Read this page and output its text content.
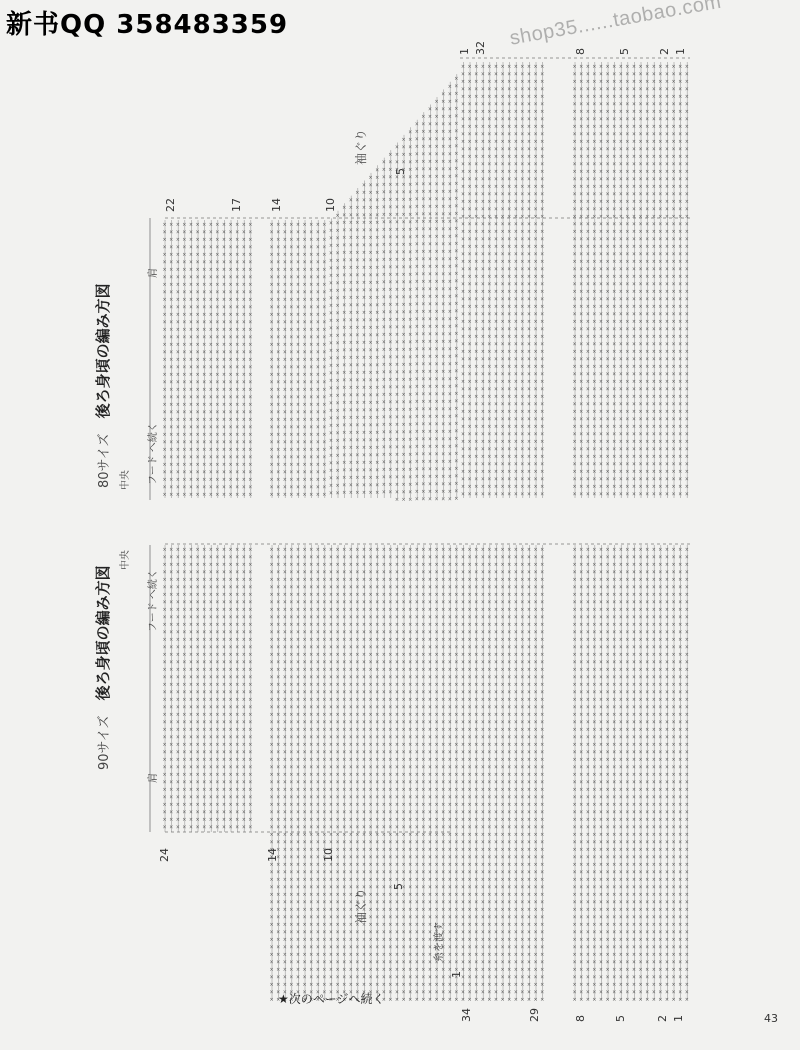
新书QQ 358483359	shop35......taobao.com
×
×
×
×
×
×
×
×
×
×
×
×
×
×
×
×
×
×
×
×
×
×
×
×
×
×
×
×
×
×
×
×
×
×
×
×
×
×
×
×
×
×
×
×
×
×
×
×
×
×
×
×
×
×
×
×
×
×
×
×
×
×
×
×
×
×
×
×
×
×
×
×
×
×
×
×
×
×
×
×
×
×
×
×
×
×
×
×
×
×
×
×
×
×
×
×
×
×
×
×
×
×
×
×
×
×
×
×
×
×
×
×
×
×
×
×
×
×
×
×
×
×
×
×
×
×
×
×
×
×
×
×
×
×
×
×
×
×
×
×
×
×
×
×
×
×
×
×
×
×
×
×
×
×
×
×
×
×
×
×
×
×
×
×
×
×
×
×
×
×
×
×
×
×
×
×
×
×
×
×
×
×
×
×
×
×
×
×
×
×
×
×
×
×
×
×
×
×
×
×
×
×
×
×
×
×
×
×
×
×
×
×
×
×
×
×
×
×
×
×
×
×
×
×
×
×
×
×
×
×
×
×
×
×
×
×
×
×
×
×
×
×
×
×
×
×
×
×
×
×
×
×
×
×
×
×
×
×
×
×
×
×
×
×
×
×
×
×
×
×
×
×
×
×
×
×
×
×
×
×
×
×
×
×
×
×
×
×
×
×
×
×
×
×
×
×
×
×
×
×
×
×
×
×
×
×
×
×
×
×
×
×
×
×
×
×
×
×
×
×
×
×
×
×
×
×
×
×
×
×
×
×
×
×
×
×
×
×
×
×
×
×
×
×
×
×
×
×
×
×
×
×
×
×
×
×
×
×
×
×
×
×
×
×
×
×
×
×
×
×
×
×
×
×
×
×
×
×
×
×
×
×
×
×
×
×
×
×
×
×
×
×
×
×
×
×
×
×
×
×
×
×
×
×
×
×
×
×
×
×
×
×
×
×
×
×
×
×
×
×
×
×
×
×
×
×
×
×
×
×
×
×
×
×
×
×
×
×
×
×
×
×
×
×
×
×
×
×
×
×
×
×
×
×
×
×
×
×
×
×
×
×
×
×
×
×
×
×
×
×
×
×
×
×
×
×
×
×
×
×
×
×
×
×
×
×
×
×
×
×
×
×
×
×
×
×
×
×
×
×
×
×
×
×
×
×
×
×
×
×
×
×
×
×
×
×
×
×
×
×
×
×
×
×
×
×
×
×
×
×
×
×
×
×
×
×
×
×
×
×
×
×
×
×
×
×
×
×
×
×
×
×
×
×
×
×
×
×
×
×
×
×
×
×
×
×
×
×
×
×
×
×
×
×
×
×
×
×
×
×
×
×
×
×
×
×
×
×
×
×
×
×
×
×
×
×
×
×
×
×
×
×
×
×
×
×
×
×
×
×
×
×
×
×
×
×
×
×
×
×
×
×
×
×
×
×
×
×
×
×
×
×
×
×
×
×
×
×
×
×
×
×
×
×
×
×
×
×
×
×
×
×
×
×
×
×
×
×
×
×
×
×
×
×
×
×
×
×
×
×
×
×
×
×
×
×
×
×
×
×
×
×
×
×
×
×
×
×
×
×
×
×
×
×
×
×
×
×
×
×
×
×
×
×
×
×
×
×
×
×
×
×
×
×
×
×
×
×
×
×
×
×
×
×
×
×
×
×
×
×
×
×
×
×
×
×
×
×
×
×
×
×
×
×
×
×
×
×
×
×
×
×
×
×
×
×
×
×
×
×
×
×
×
×
×
×
×
×
×
×
×
×
×
×
×
×
×
×
×
×
×
×
×
×
×
×
×
×
×
×
×
×
×
×
×
×
×
×
×
×
×
×
×
×
×
×
×
×
×
×
×
×
×
×
×
×
×
×
×
×
×
×
×
×
×
×
×
×
×
×
×
×
×
×
×
×
×
×
×
×
×
×
×
×
×
×
×
×
×
×
×
×
×
×
×
×
×
×
×
×
×
×
×
×
×
×
×
×
×
×
×
×
×
×
×
×
×
×
×
×
×
×
×
×
×
×
×
×
×
×
×
×
×
×
×
×
×
×
×
×
×
×
×
×
×
×
×
×
×
×
×
×
×
×
×
×
×
×
×
×
×
×
×
×
×
×
×
×
×
×
×
×
×
×
×
×
×
×
×
×
×
×
×
×
×
×
×
×
×
×
×
×
×
×
×
×
×
×
×
×
×
×
×
×
×
×
×
×
×
×
×
×
×
×
×
×
×
×
×
×
×
×
×
×
×
×
×
×
×
×
×
×
×
×
×
×
×
×
×
×
×
×
×
×
×
×
×
×
×
×
×
×
×
×
×
×
×
×
×
×
×
×
×
×
×
×
×
×
×
×
×
×
×
×
×
×
×
×
×
×
×
×
×
×
×
×
×
×
×
×
×
×
×
×
×
×
×
×
×
×
×
×
×
×
×
×
×
×
×
×
×
×
×
×
×
×
×
×
×
×
×
×
×
×
×
×
×
×
×
×
×
×
×
×
×
×
×
×
×
×
×
×
×
×
×
×
×
×
×
×
×
×
×
×
×
×
×
×
×
×
×
×
×
×
×
×
×
×
×
×
×
×
×
×
×
×
×
×
×
×
×
×
×
×
×
×
×
×
×
×
×
×
×
×
×
×
×
×
×
×
×
×
×
×
×
×
×
×
×
×
×
×
×
×
×
×
×
×
×
×
×
×
×
×
×
×
×
×
×
×
×
×
×
×
×
×
×
×
×
×
×
×
×
×
×
×
×
×
×
×
×
×
×
×
×
×
×
×
×
×
×
×
×
×
×
×
×
×
×
×
×
×
×
×
×
×
×
×
×
×
×
×
×
×
×
×
×
×
×
×
×
×
×
×
×
×
×
×
×
×
×
×
×
×
×
×
×
×
×
×
×
×
×
×
×
×
×
×
×
×
×
×
×
×
×
×
×
×
×
×
×
×
×
×
×
×
×
×
×
×
×
×
×
×
×
×
×
×
×
×
×
×
×
×
×
×
×
×
×
×
×
×
×
×
×
×
×
×
×
×
×
×
×
×
×
×
×
×
×
×
×
×
×
×
×
×
×
×
×
×
×
×
×
×
×
×
×
×
×
×
×
×
×
×
×
×
×
×
×
×
×
×
×
×
×
×
×
×
×
×
×
×
×
×
×
×
×
×
×
×
×
×
×
×
×
×
×
×
×
×
×
×
×
×
×
×
×
×
×
×
×
×
×
×
×
×
×
×
×
×
×
×
×
×
×
×
×
×
×
×
×
×
×
×
×
×
×
×
×
×
×
×
×
×
×
×
×
×
×
×
×
×
×
×
×
×
×
×
×
×
×
×
×
×
×
×
×
×
×
×
×
×
×
×
×
×
×
×
×
×
×
×
×
×
×
×
×
×
×
×
×
×
×
×
×
×
×
×
×
×
×
×
×
×
×
×
×
×
×
×
×
×
×
×
×
×
×
×
×
×
×
×
×
×
×
×
×
×
×
×
×
×
×
×
×
×
×
×
×
×
×
×
×
×
×
×
×
×
×
×
×
×
×
×
×
×
×
×
×
×
×
×
×
×
×
×
×
×
×
×
×
×
×
×
×
×
×
×
×
×
×
×
×
×
×
×
×
×
×
×
×
×
×
×
×
×
×
×
×
×
×
×
×
×
×
×
×
×
×
×
×
×
×
×
×
×
×
×
×
×
×
×
×
×
×
×
×
×
×
×
×
×
×
×
×
×
×
×
×
×
×
×
×
×
×
×
×
×
×
×
×
×
×
×
×
×
×
×
×
×
×
×
×
×
×
×
×
×
×
×
×
×
×
×
×
×
×
×
×
×
×
×
×
×
×
×
×
×
×
×
×
×
×
×
×
×
×
×
×
×
×
×
×
×
×
×
×
×
×
×
×
×
×
×
×
×
×
×
×
×
×
×
×
×
×
×
×
×
×
×
×
×
×
×
×
×
×
×
×
×
×
×
×
×
×
×
×
×
×
×
×
×
×
×
×
×
×
×
×
×
×
×
×
×
×
×
×
×
×
×
×
×
×
×
×
×
×
×
×
×
×
×
×
×
×
×
×
×
×
×
×
×
×
×
×
×
×
×
×
×
×
×
×
×
×
×
×
×
×
×
×
×
×
×
×
×
×
×
×
×
×
×
×
×
×
×
×
×
×
×
×
×
×
×
×
×
×
×
×
×
×
×
×
×
×
×
×
×
×
×
×
×
×
×
×
×
×
×
×
×
×
×
×
×
×
×
×
×
×
×
×
×
×
×
×
×
×
×
×
×
×
×
×
×
×
×
×
×
×
×
×
×
×
×
×
×
×
×
×
×
×
×
×
×
×
×
×
×
×
×
×
×
×
×
×
×
×
×
×
×
×
×
×
×
×
×
×
×
×
×
×
×
×
×
×
×
×
×
×
×
×
×
×
×
×
×
×
×
×
×
×
×
×
×
×
×
×
×
×
×
×
×
×
×
×
×
×
×
×
×
×
×
×
×
×
×
×
×
×
×
×
×
×
×
×
×
×
×
×
×
×
×
×
×
×
×
×
×
×
×
×
×
×
×
×
×
×
×
×
×
×
×
×
×
×
×
×
×
×
×
×
×
×
×
×
×
×
×
×
×
×
×
×
×
×
×
×
×
×
×
×
×
×
×
×
×
×
×
×
×
×
×
×
×
×
×
×
×
×
×
×
×
×
×
×
×
×
×
×
×
×
×
×
×
×
×
×
×
×
×
×
×
×
×
×
×
×
×
×
×
×
×
×
×
×
×
×
×
×
×
×
×
×
×
×
×
×
×
×
×
×
×
×
×
×
×
×
×
×
×
×
×
×
×
×
×
×
×
×
×
×
×
×
×
×
×
×
×
×
×
×
×
×
×
×
×
×
×
×
×
×
×
×
×
×
×
×
×
×
×
×
×
×
×
×
×
×
×
×
×
×
×
×
×
×
×
×
×
×
×
×
×
×
×
×
×
×
×
×
×
×
×
×
×
×
×
×
×
×
×
×
×
×
×
×
×
×
×
×
×
×
×
×
×
×
×
×
×
×
×
×
×
×
×
×
×
×
×
×
×
×
×
×
×
×
×
×
×
×
×
×
×
×
×
×
×
×
×
×
×
×
×
×
×
×
×
×
×
×
×
×
×
×
×
×
×
×
×
×
×
×
×
×
×
×
×
×
×
×
×
×
×
×
×
×
×
×
×
×
×
×
×
×
×
×
×
×
×
×
×
×
×
×
×
×
×
×
×
×
×
×
×
×
×
×
×
×
×
×
×
×
×
×
×
×
×
×
×
×
×
×
×
×
×
×
×
×
×
×
×
×
×
×
×
×
×
×
×
×
×
×
×
×
×
×
×
×
×
×
×
×
×
×
×
×
×
×
×
×
×
×
×
×
×
×
×
×
×
×
×
×
×
×
×
×
×
×
×
×
×
×
×
×
×
×
×
×
×
×
×
×
×
×
×
×
×
×
×
×
×
×
×
×
×
×
×
×
×
×
×
×
×
×
×
×
×
×
×
×
×
×
×
×
×
×
×
×
×
×
×
×
×
×
×
×
×
×
×
×
×
×
×
×
×
×
×
×
×
×
×
×
×
×
×
×
×
×
×
×
×
×
×
×
×
×
×
×
×
×
×
×
×
×
×
×
×
×
×
×
×
×
×
×
×
×
×
×
×
×
×
×
×
×
×
×
×
×
×
×
×
×
×
×
×
×
×
×
×
×
×
×
×
×
×
×
×
×
×
×
×
×
×
×
×
×
×
×
×
×
×
×
×
×
×
×
×
×
×
×
×
×
×
×
×
×
×
×
×
×
×
×
×
×
×
×
×
×
×
×
×
×
×
×
×
×
×
×
×
×
×
×
×
×
×
×
×
×
×
×
×
×
×
×
×
×
×
×
×
×
×
×
×
×
×
×
×
×
×
×
×
×
×
×
×
×
×
×
×
×
×
×
×
×
×
×
×
×
×
×
×
×
×
×
×
×
×
×
×
×
×
×
×
×
×
×
×
×
×
×
×
×
×
×
×
×
×
×
×
×
×
×
×
×
×
×
×
×
×
×
×
×
×
×
×
×
×
×
×
×
×
×
×
×
×
×
×
×
×
×
×
×
×
×
×
×
×
×
×
×
×
×
×
×
×
×
×
×
×
×
×
×
×
×
×
×
×
×
×
×
×
×
×
×
×
×
×
×
×
×
×
×
×
×
×
×
×
×
×
×
×
×
×
×
×
×
×
×
×
×
×
×
×
×
×
×
×
×
×
×
×
×
×
×
×
×
×
×
×
×
×
×
×
×
×
×
×
×
×
×
×
×
×
×
×
×
×
×
×
×
×
×
×
×
×
×
×
×
×
×
×
×
×
×
×
×
×
×
×
×
×
×
×
×
×
×
×
×
×
×
×
×
×
×
×
×
×
×
×
×
×
×
×
×
×
×
×
×
×
×
×
×
×
×
×
×
×
×
×
×
×
×
×
×
×
×
×
×
×
×
×
×
×
×
×
×
×
×
×
×
×
×
×
×
×
×
×
×
×
×
×
×
×
×
×
×
×
×
×
×
×
×
×
×
×
×
×
×
×
×
×
×
×
×
×
×
×
×
×
×
×
×
×
×
×
×
×
×
×
×
×
×
×
×
×
×
×
×
×
×
×
×
×
×
×
×
×
×
×
×
×
×
×
×
×
×
×
×
×
×
×
×
×
×
×
×
×
×
×
×
×
×
×
×
×
×
×
×
×
×
×
×
×
×
×
×
×
×
×
×
×
×
×
×
×
×
×
×
×
×
×
×
×
×
×
×
×
×
×
×
×
×
×
×
×
×
×
×
×
×
×
×
×
×
×
×
×
×
×
×
×
×
×
×
×
×
×
×
×
×
×
×
×
×
×
×
×
×
×
×
×
×
×
×
×
×
×
×
×
×
×
×
×
×
×
×
×
×
×
×
×
×
×
×
×
×
×
×
×
×
×
×
×
×
×
×
×
×
×
×
×
×
×
×
×
×
×
×
×
×
×
×
×
×
×
×
×
×
×
×
×
×
×
×
×
×
×
×
×
×
×
×
×
×
×
×
×
×
×
×
×
×
×
×
×
×
×
×
×
×
×
×
×
×
×
×
×
×
×
×
×
×
×
×
×
×
×
×
×
×
×
×
×
×
×
×
×
×
×
×
×
×
×
×
×
×
×
×
×
×
×
×
×
×
×
×
×
×
×
×
×
×
×
×
×
×
×
×
×
×
×
×
×
×
×
×
×
×
×
×
×
×
×
×
×
×
×
×
×
×
×
×
×
×
×
×
×
×
×
×
×
×
×
×
×
×
×
×
×
×
×
×
×
×
×
×
×
×
×
×
×
×
×
×
×
×
×
×
×
×
×
×
×
×
×
×
×
×
×
×
×
×
×
×
×
×
×
×
×
×
×
×
×
×
×
×
×
×
×
×
×
×
×
×
×
×
×
×
×
×
×
×
×
×
×
×
×
×
×
×
×
×
×
×
×
×
×
×
×
×
×
×
×
×
×
×
×
×
×
×
×
×
×
×
×
×
×
×
×
×
×
×
×
×
×
×
×
×
×
×
×
×
×
×
×
×
×
×
×
×
×
×
×
×
×
×
×
×
×
×
×
×
×
×
×
×
×
×
×
×
×
×
×
×
×
×
×
×
×
×
×
×
×
×
×
×
×
×
×
×
×
×
×
×
×
×
×
×
×
×
×
×
×
×
×
×
×
×
×
×
×
×
×
×
×
×
×
×
×
×
×
×
×
×
×
×
×
×
×
×
×
×
×
×
×
×
×
×
×
×
×
×
×
×
×
×
×
×
×
×
×
×
×
×
×
×
×
×
×
×
×
×
×
×
×
×
×
×
×
×
×
×
×
×
×
×
×
×
×
×
×
×
×
×
×
×
×
×
×
×
×
×
×
×
×
×
×
×
×
×
×
×
×
×
×
×
×
×
×
×
×
×
×
×
×
×
×
×
×
×
×
×
×
×
×
×
×
×
×
×
×
×
×
×
×
×
×
×
×
×
×
×
×
×
×
×
×
×
×
×
×
×
×
×
×
×
×
×
×
×
×
×
×
×
×
×
×
×
×
×
×
×
×
×
×
×
×
×
×
×
×
×
×
×
×
×
×
×
×
×
×
×
×
×
×
×
×
×
×
×
×
×
×
×
×
×
×
×
×
×
×
×
×
×
×
×
×
×
×
×
×
×
×
×
×
×
×
×
×
×
×
×
×
×
×
×
×
×
×
×
×
×
×
×
×
×
×
×
×
×
×
×
×
×
×
×
×
×
×
×
×
×
×
×
×
×
×
×
×
×
×
×
×
×
×
×
×
×
×
×
×
×
×
×
×
×
×
×
×
×
×
×
×
×
×
×
×
×
×
×
×
×
×
×
×
×
×
×
×
×
×
×
×
×
×
×
×
×
×
×
×
×
×
×
×
×
×
×
×
×
×
×
×
×
×
×
×
×
×
×
×
×
×
×
×
×
×
×
×
×
×
×
×
×
×
×
×
×
×
×
×
×
×
×
×
×
×
×
×
×
×
×
×
×
×
×
×
×
×
×
×
×
×
×
×
×
×
×
×
×
×
×
×
×
×
×
×
×
×
×
×
×
×
×
×
×
×
×
×
×
×
×
×
×
×
×
×
×
×
×
×
×
×
×
×
×
×
×
×
×
×
×
×
×
×
×
×
×
×
×
×
×
×
×
×
×
×
×
×
×
×
×
×
×
×
×
×
×
×
×
×
×
×
×
×
×
×
×
×
×
×
×
×
×
×
×
×
×
×
×
×
×
×
×
×
×
×
×
×
×
×
×
×
×
×
×
×
×
×
×
×
×
×
×
×
×
×
×
×
×
×
×
×
×
×
×
×
×
×
×
×
×
×
×
×
×
×
×
×
×
×
×
×
×
×
×
×
×
×
×
×
×
×
×
×
×
×
×
×
×
×
×
×
×
×
×
×
×
×
×
×
×
×
×
×
×
×
×
×
×
×
×
×
×
×
×
×
×
×
×
×
×
×
×
×
×
×
×
×
×
×
×
×
×
×
×
×
×
×
×
×
×
×
×
×
×
×
×
×
×
×
×
×
×
×
×
×
×
×
×
×
×
×
×
×
×
×
×
×
×
×
×
×
×
×
×
×
×
×
×
×
×
×
×
×
×
×
×
×
×
×
×
×
×
×
×
×
×
×
×
×
×
×
×
×
×
×
×
×
×
×
×
×
×
×
×
×
×
×
×
×
×
×
×
×
×
×
×
×
×
×
×
×
×
×
×
×
×
×
×
×
×
×
×
×
×
×
×
×
×
×
×
×
×
×
×
×
×
×
×
×
×
×
×
×
×
×
×
×
×
×
×
×
×
×
×
×
×
×
×
×
×
×
×
×
×
×
×
×
×
×
×
×
×
×
×
×
×
×
×
×
×
×
×
×
×
×
×
×
×
×
×
×
×
×
×
×
×
×
×
×
×
×
×
×
×
×
×
×
×
×
×
×
×
×
×
×
×
×
×
×
×
×
×
×
×
×
×
×
×
×
×
×
×
×
×
×
×
×
×
×
×
×
×
×
×
×
×
×
×
×
×
×
×
×
×
×
×
×
×
×
×
×
×
×
×
×
×
×
×
×
×
×
×
×
×
×
×
×
×
×
×
×
×
×
×
×
×
×
×
×
×
×
×
×
×
×
×
×
×
×
×
×
×
×
×
×
×
×
×
×
×
×
×
×
×
×
×
×
×
×
×
×
×
×
×
×
×
×
×
×
×
×
×
×
×
×
×
×
×
×
×
×
×
×
×
×
×
×
×
×
×
×
×
×
×
×
×
×
×
×
×
×
×
×
×
×
×
×
×
×
×
×
×
×
×
×
×
×
×
×
×
×
×
×
×
×
×
×
×
×
×
×
×
×
×
×
×
×
×
×
×
×
×
×
×
×
×
×
×
×
×
×
×
×
×
×
×
×
×
×
×
×
×
×
×
×
×
×
×
×
×
×
×
×
×
×
×
×
×
×
×
×
×
×
×
×
×
×
×
×
×
×
×
×
×
×
×
×
×
×
×
×
×
×
×
×
×
×
×
×
×
×
×
×
×
×
×
×
×
×
×
×
×
×
×
×
×
×
×
×
×
×
×
×
×
×
×
×
×
×
×
×
×
×
×
×
×
×
×
×
×
×
×
×
×
×
×
×
×
×
×
×
×
×
×
×
×
×
×
×
×
×
×
×
×
×
×
×
×
×
×
×
×
×
×
×
×
×
×
×
×
×
×
×
×
×
×
×
×
×
×
×
×
×
×
×
×
×
×
×
×
×
×
×
×
×
×
×
×
×
×
×
×
×
×
×
×
×
×
×
×
×
×
×
×
×
×
×
×
×
×
×
×
×
×
×
×
×
×
×
×
×
×
×
×
×
×
×
×
×
×
×
×
×
×
×
×
×
×
×
×
×
×
×
×
×
×
×
×
×
×
×
×
×
×
×
×
×
×
×
×
×
×
×
×
×
×
×
×
×
×
×
×
×
×
×
×
×
×
×
×
×
×
×
×
×
×
×
×
×
×
×
×
×
×
×
×
×
×
×
×
×
×
×
×
×
×
×
×
×
×
×
×
×
×
×
×
×
×
×
×
×
×
×
×
×
×
×
×
×
×
×
×
×
×
×
×
×
×
×
×
×
×
×
×
×
×
×
×
×
×
×
×
×
×
×
×
×
×
×
×
×
×
×
×
×
×
×
×
×
×
×
×
×
×
×
×
×
×
×
×
×
×
×
×
×
×
×
×
×
×
×
×
×
×
×
×
×
×
×
×
×
×
×
×
×
×
×
×
×
×
×
×
×
×
×
×
×
×
×
×
×
×
×
×
×
×
×
×
×
×
×
×
×
×
×
×
×
×
×
×
×
×
×
×
×
×
×
×
×
×
×
×
×
×
×
×
×
×
×
×
×
×
×
×
×
×
×
×
×
×
×
×
×
×
×
×
×
×
×
×
×
×
×
×
×
×
×
×
×
×
×
×
×
×
×
×
×
×
×
×
×
×
×
×
×
×
×
×
×
×
×
×
×
×
×
×
×
×
×
×
×
×
×
×
×
×
×
×
×
×
×
×
×
×
×
×
×
×
×
×
×
×
×
×
×
×
×
×
×
×
×
×
×
×
×
×
×
×
×
×
×
×
×
×
×
×
×
×
×
×
×
×
×
×
×
×
×
×
×
×
×
×
×
×
×
×
×
×
×
×
×
×
×
×
×
×
×
×
×
×
×
×
×
×
×
×
×
×
×
×
×
×
×
×
×
×
×
×
×
×
×
×
×
×
×
×
×
×
×
×
×
×
×
×
×
×
×
×
×
×
×
×
×
×
×
×
×
×
×
×
×
×
×
×
×
×
×
×
×
×
×
×
×
×
×
×
×
×
×
×
×
×
×
×
×
×
×
×
×
×
×
×
×
×
×
×
×
×
×
×
×
×
×
×
×
×
×
×
×
×
×
×
×
×
×
×
×
×
×
×
×
×
×
×
×
×
×
×
×
×
×
×
×
×
×
×
×
×
×
×
×
×
×
×
×
×
×
×
×
×
×
×
×
×
×
×
×
×
×
×
×
×
×
×
×
×
×
×
×
×
×
×
×
×
×
×
×
×
×
×
×
×
×
×
×
×
×
×
×
×
×
×
×
×
×
×
×
×
×
×
×
×
×
×
×
×
×
×
×
×
×
×
×
×
×
×
×
×
×
×
×
×
×
×
×
×
×
×
×
×
×
×
×
×
×
×
×
×
×
×
×
×
×
×
×
×
×
×
×
×
×
×
×
×
×
×
×
×
×
×
×
×
×
×
×
×
×
×
×
×
×
×
×
×
×
×
×
×
×
×
×
×
×
×
×
×
×
×
×
×
×
×
×
×
×
×
×
×
×
×
×
×
×
×
×
×
×
×
×
×
×
×
×
×
×
×
×
×
×
×
×
×
×
×
×
×
×
×
×
×
×
×
×
×
×
×
×
×
×
×
×
×
×
×
×
×
×
×
×
×
×
×
×
×
×
×
×
×
×
×
×
×
×
×
×
×
×
×
×
×
×
×
×
×
×
×
×
×
×
×
×
×
×
×
×
×
×
×
×
×
×
×
×
×
×
×
×
×
×
×
×
×
×
×
×
×
×
×
×
×
×
×
×
×
×
×
×
×
×
×
×
×
×
×
×
×
×
×
×
×
×
×
×
×
×
×
×
×
×
×
×
×
×
×
×
×
×
×
×
×
×
×
×
×
×
×
×
×
×
×
×
×
×
×
×
×
×
×
×
×
×
×
×
×
×
×
×
×
×
×
×
×
×
×
×
×
×
×
×
×
×
×
×
×
×
×
×
×
×
×
×
×
×
×
×
×
×
×
×
×
×
×
×
×
×
×
×
×
×
×
×
×
×
×
×
×
×
×
×
×
×
×
×
×
×
×
×
×
×
×
×
×
×
×
×
×
×
×
×
×
×
×
×
×
×
×
×
×
×
×
×
×
×
×
×
×
×
×
×
×
×
×
×
×
×
×
×
×
×
×
×
×
×
×
×
×
×
×
×
×
×
×
×
×
×
×
×
×
×
×
×
×
×
×
×
×
×
×
×
×
×
×
×
×
×
×
×
×
×
×
×
×
×
×
×
×
×
×
×
×
×
×
×
×
×
×
×
×
×
×
×
×
×
×
×
×
×
×
×
×
×
×
×
×
×
×
×
×
×
×
×
×
×
×
×
×
×
×
×
×
×
×
×
×
×
×
×
×
×
×
×
×
×
×
×
×
×
×
×
×
×
×
×
×
×
×
×
×
×
×
×
×
×
×
×
×
×
×
×
×
×
×
×
×
×
×
×
×
×
×
×
×
×
×
×
×
×
×
×
×
×
×
×
×
×
×
×
×
×
×
×
×
×
×
×
×
×
×
×
×
×
×
×
×
×
×
×
×
×
×
×
×
×
×
×
×
×
×
×
×
×
×
×
×
×
×
×
×
×
×
×
×
×
×
×
×
×
×
×
×
×
×
×
×
×
×
×
×
×
×
×
×
×
×
×
×
×
×
×
×
×
×
×
×
×
×
×
×
×
×
×
×
×
×
×
×
×
×
×
×
×
×
×
×
×
×
×
×
×
×
×
×
×
×
×
×
×
×
×
×
×
×
×
×
×
×
×
×
×
×
×
×
×
×
×
×
×
×
×
×
×
×
×
×
×
×
×
×
×
×
×
×
×
×
×
×
×
×
×
×
×
×
×
×
×
×
×
×
×
×
×
×
×
×
×
×
×
×
×
×
×
×
×
×
×
×
×
×
×
×
×
×
×
×
×
×
×
×
×
×
×
×
×
×
×
×
×
×
×
×
×
×
×
×
×
×
×
×
×
×
×
×
×
×
×
×
×
×
×
×
×
×
×
×
×
×
×
×
×
×
×
×
×
×
×
×
×
×
×
×
×
×
×
×
×
×
×
×
×
×
×
×
×
×
×
×
×
×
×
×
×
×
×
×
×
×
×
×
×
×
×
×
×
×
×
×
×
×
×
×
×
×
×
×
×
×
×
×
×
×
×
×
×
×
×
×
×
×
×
×
×
×
×
×
×
×
×
×
×
×
×
×
×
×
×
×
×
×
×
×
×
×
×
×
×
×
×
×
×
×
×
×
×
×
×
×
×
×
×
×
×
×
×
×
×
×
×
×
×
×
×
×
×
×
×
×
×
×
×
×
×
×
×
×
×
×
×
×
×
×
×
×
×
×
×
×
×
×
×
×
×
×
×
×
×
×
×
×
×
×
×
×
×
×
×
×
×
×
×
×
×
×
×
×
×
×
×
×
×
×
×
×
×
×
×
×
×
×
×
×
×
×
×
×
×
×
×
×
×
×
×
×
×
×
×
×
×
×
×
×
×
×
×
×
×
×
×
×
×
×
×
×
×
×
×
×
×
×
×
×
×
×
×
×
×
×
×
×
×
×
×
×
×
×
×
×
×
×
×
×
×
×
×
×
×
×
×
×
×
×
×
×
×
×
×
×
×
×
×
×
×
×
×
×
×
×
×
×
×
×
×
×
×
×
×
×
×
×
×
×
×
×
×
×
×
×
×
×
×
×
×
×
×
×
×
×
×
×
×
×
×
×
×
×
×
×
×
×
×
×
×
×
×
×
×
×
×
×
×
×
×
×
×
×
×
×
×
×
×
×
×
×
×
×
×
×
×
×
×
×
×
×
×
×
×
×
×
×
×
×
×
×
×
×
×
×
×
×
×
×
×
×
×
×
×
×
×
×
×
×
×
×
×
×
×
×
×
×
×
×
×
×
×
×
×
×
×
×
×
×
×
×
×
×
×
×
×
×
×
×
×
×
×
×
×
×
×
×
×
×
×
×
×
×
×
×
×
×
×
×
×
×
×
×
×
×
×
×
×
×
×
×
×
×
×
×
×
×
×
×
×
×
×
×
×
×
×
×
×
×
×
×
×
×
×
×
×
×
×
×
×
×
×
×
×
×
×
×
×
×
×
×
×
×
×
×
×
×
×
×
×
×
×
×
×
×
×
×
×
×
×
×
×
×
×
×
×
×
×
×
×
×
×
×
×
×
×
×
×
×
×
×
×
×
×
×
×
×
×
×
×
×
×
×
×
×
×
×
×
×
×
×
×
×
×
×
×
×
×
×
×
×
×
×
×
×
×
×
×
×
×
×
×
×
×
×
×
×
×
×
×
×
×
×
×
×
×
×
×
×
×
×
×
×
×
×
×
×
×
×
×
×
×
×
×
×
×
×
×
×
×
×
×
×
×
×
×
×
×
×
×
×
×
×
×
×
×
×
×
×
×
×
×
×
×
×
×
×
×
×
×
×
×
×
×
×
×
×
×
×
×
×
×
×
×
×
×
×
×
×
×
×
×
×
×
×
×
×
×
×
×
×
×
×
×
×
×
×
×
×
×
×
×
×
×
×
×
×
×
×
×
×
×
×
×
×
×
×
×
×
×
×
×
×
×
×
×
×
×
×
×
×
×
×
×
×
×
×
×
×
×
×
×
×
×
×
×
×
×
×
×
×
×
×
×
×
×
×
×
×
×
×
×
×
×
×
×
×
×
×
×
×
×
×
×
×
×
×
×
×
×
×
×
×
×
×
×
×
×
×
×
×
×
×
×
×
×
×
×
×
×
×
×
×
×
×
×
×
×
×
×
×
×
×
×
×
×
×
×
×
×
×
×
×
×
×
×
×
×
×
×
×
×
×
×
×
×
×
×
×
×
×
×
×
×
×
×
×
×
×
×
×
×
×
×
×
×
×
×
×
×
×
×
×
×
×
×
×
×
×
×
×
×
×
×
×
×
×
×
×
×
×
×
×
×
×
×
×
×
×
×
×
×
×
×
×
×
×
×
×
×
×
×
×
×
×
×
×
×
×
×
×
×
×
×
×
×
×
×
×
×
×
×
×
×
×
×
×
×
×
×
×
×
×
×
×
×
×
×
×
×
×
×
×
×
×
×
×
×
×
×
×
×
×
×
×
×
×
×
×
×
×
×
×
×
×
×
×
×
×
×
×
×
×
×
×
×
×
×
×
×
×
×
×
×
×
×
×
×
×
×
×
×
×
×
×
×
×
×
×
×
×
×
×
×
×
×
×
×
×
×
×
×
×
×
×
×
×
×
×
×
×
×
×
×
×
×
×
×
×
×
×
×
×
×
×
×
×
×
×
×
×
×
×
×
×
×
×
×
×
×
×
×
×
×
×
×
×
×
×
×
×
×
×
×
×
×
×
×
×
×
×
×
×
×
×
×
×
×
×
×
×
×
×
×
×
×
×
×
×
×
×
×
×
×
×
×
×
×
×
×
×
×
×
×
×
×
×
×
×
×
×
×
×
×
×
×
×
×
×
×
×
×
×
×
×
×
×
×
×
×
×
×
×
×
×
×
×
×
×
×
×
×
×
×
×
×
×
×
×
×
×
×
×
×
×
×
×
×
×
×
×
×
×
×
×
×
×
×
×
×
×
×
×
×
×
×
×
×
×
×
×
×
×
×
×
×
×
×
×
×
×
×
×
×
×
×
×
×
×
×
×
×
×
×
×
×
×
×
×
×
×
×
×
×
×
×
×
×
×
×
×
×
×
×
×
×
×
×
×
×
×
×
×
×
×
×
×
×
×
×
×
×
×
×
×
×
×
×
×
×
×
×
×
×
×
×
×
×
×
×
×
×
×
×
×
×
×
×
×
×
×
×
×
×
×
×
×
×
×
×
×
×
×
×
×
×
×
×
×
×
×
×
×
×
×
×
×
×
×
×
×
×
×
×
×
×
×
×
×
×
×
×
×
×
×
×
×
×
×
×
×
×
×
×
×
×
×
×
×
×
×
×
×
×
×
×
×
×
×
×
×
×
×
×
×
×
×
×
×
×
×
×
×
×
×
×
×
×
×
×
×
×
×
×
×
×
×
×
×
×
×
×
×
×
×
×
×
×
×
×
×
×
×
×
×
×
×
×
×
×
×
×
×
×
×
×
×
×
×
×
×
×
×
×
×
×
×
×
×
×
×
×
×
×
×
×
×
×
×
×
×
×
×
×
×
×
×
×
×
×
×
×
×
×
×
×
×
×
×
×
×
×
×
×
×
×
×
×
×
×
×
×
×
×
×
×
×
×
×
×
×
×
×
×
×
×
×
×
×
×
×
×
×
×
×
×
×
×
×
×
×
×
×
×
×
×
×
×
×
×
×
×
×
×
×
×
×
×
×
×
×
×
×
×
×
×
×
×
×
×
×
×
×
×
×
×
×
×
×
×
×
×
×
×
×
×
×
×
×
×
×
×
×
×
×
×
×
×
×
×
×
×
×
×
×
×
×
×
×
×
×
×
×
×
×
×
×
×
×
×
×
×
×
×
×
×
×
×
×
×
×
×
×
×
×
×
×
×
×
×
×
×
×
×
×
×
×
×
×
×
×
×
×
×
×
×
×
×
×
×
×
×
×
×
×
×
×
×
×
×
×
×
×
×
×
×
×
×
×
×
×
×
×
×
×
×
×
×
×
×
×
×
×
×
×
×
×
×
×
×
×
×
×
×
×
×
×
×
×
×
×
×
×
×
×
×
×
×
×
×
×
×
×
×
×
×
×
×
×
×
×
×
×
×
×
×
×
×
×
×
×
×
×
×
×
×
×
×
×
×
×
×
×
×
×
×
×
×
×
×
×
×
×
×
×
×
×
×
×
×
×
×
×
×
×
×
×
×
×
×
×
×
×
×
×
×
×
×
×
×
×
×
×
×
×
×
×
×
×
×
×
×
×
×
×
×
×
×
×
×
×
×
×
×
×
×
×
×
×
×
×
×
×
×
×
×
×
×
×
×
×
×
×
×
×
×
×
×
×
×
×
×
×
×
×
×
×
×
×
×
×
×
×
×
×
×
×
×
×
×
×
×
×
×
×
×
×
×
×
×
×
×
×
×
×
×
×
×
×
×
×
×
×
×
×
×
×
×
×
×
×
×
×
×
×
×
×
×
×
×
×
×
×
×
×
×
×
×
×
×
×
×
×
×
×
×
×
×
×
×
×
×
×
×
×
×
×
×
×
×
×
×
×
×
×
×
×
×
×
80サイズ 後ろ身頃の編み方図
90サイズ 後ろ身頃の編み方図
中央	フード へ続く
肩
袖ぐり
中央
フード へ続く
肩
袖ぐり
糸を渡す
22	17 14	10
5
1 32	8	5 2 1
24	14	10
5
1
34	29	8 5	2 1
★次のページへ続く
43
